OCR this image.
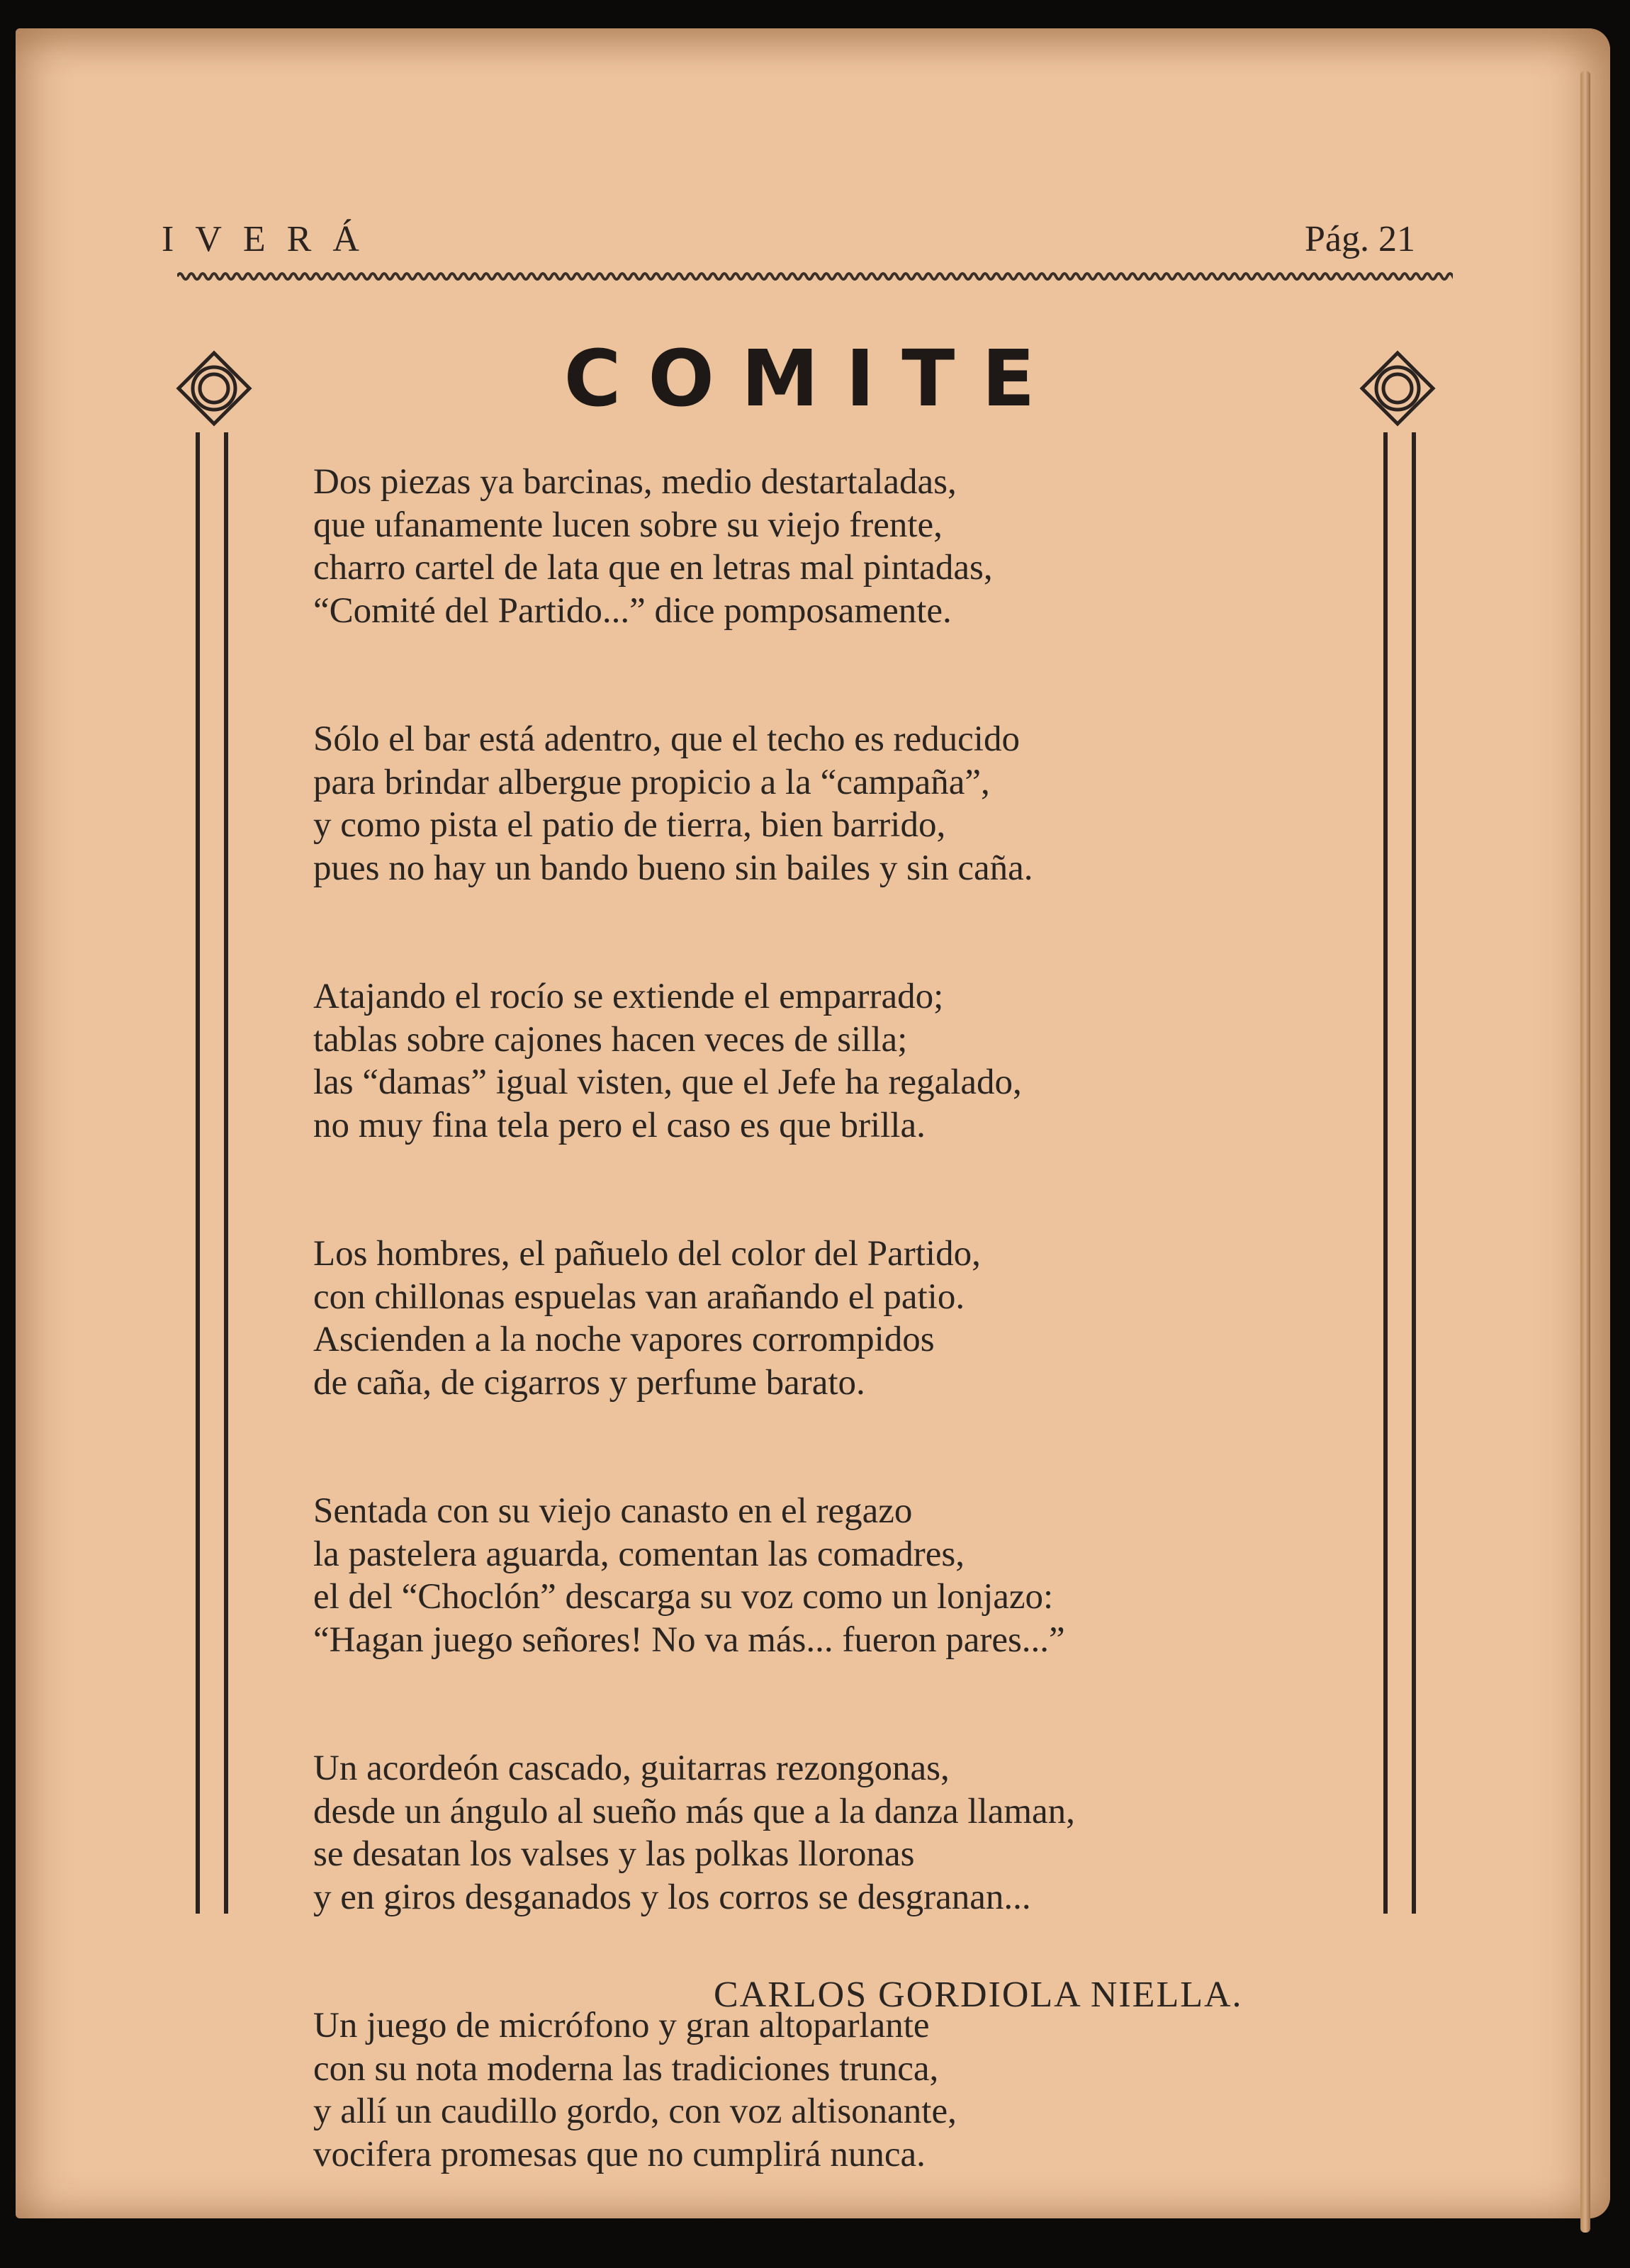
IVERÁ	Pág. 21
COMITE
Dos piezas ya barcinas, medio destartaladas,
que ufanamente lucen sobre su viejo frente,
charro cartel de lata que en letras mal pintadas,
“Comité del Partido...” dice pomposamente.
Sólo el bar está adentro, que el techo es reducido
para brindar albergue propicio a la “campaña”,
y como pista el patio de tierra, bien barrido,
pues no hay un bando bueno sin bailes y sin caña.
Atajando el rocío se extiende el emparrado;
tablas sobre cajones hacen veces de silla;
las “damas” igual visten, que el Jefe ha regalado,
no muy fina tela pero el caso es que brilla.
Los hombres, el pañuelo del color del Partido,
con chillonas espuelas van arañando el patio.
Ascienden a la noche vapores corrompidos
de caña, de cigarros y perfume barato.
Sentada con su viejo canasto en el regazo
la pastelera aguarda, comentan las comadres,
el del “Choclón” descarga su voz como un lonjazo:
“Hagan juego señores! No va más... fueron pares...”
Un acordeón cascado, guitarras rezongonas,
desde un ángulo al sueño más que a la danza llaman,
se desatan los valses y las polkas lloronas
y en giros desganados y los corros se desgranan...
Un juego de micrófono y gran altoparlante
con su nota moderna las tradiciones trunca,
y allí un caudillo gordo, con voz altisonante,
vocifera promesas que no cumplirá nunca.
CARLOS GORDIOLA NIELLA.
